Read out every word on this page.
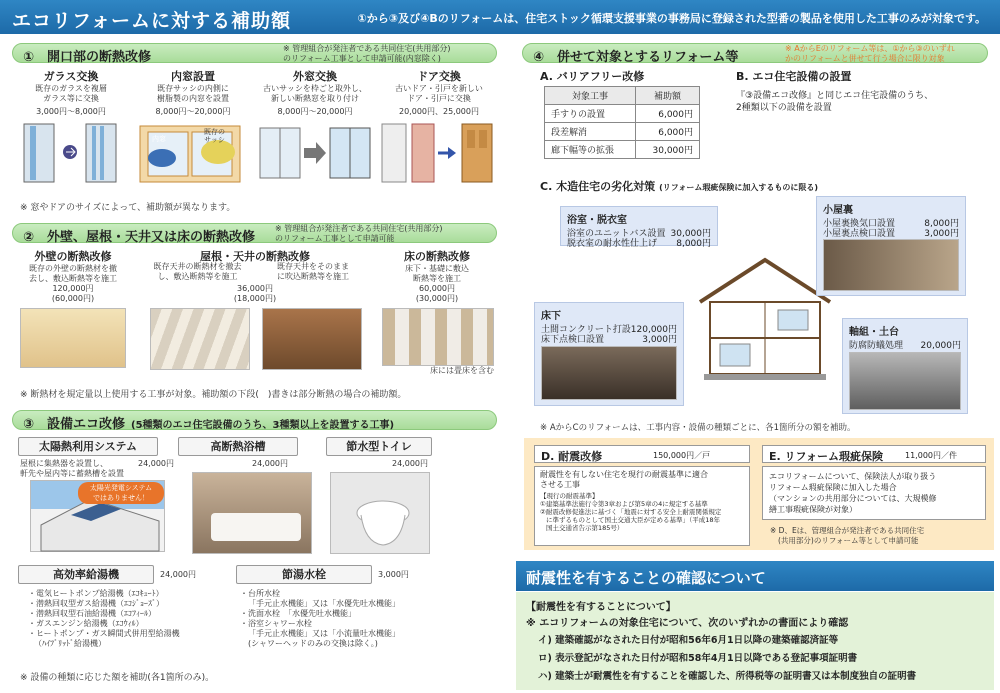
エコリフォームに対する補助額	①から③及び④Bのリフォームは、住宅ストック循環支援事業の事務局に登録された型番の製品を使用した工事のみが対象です。
①　開口部の断熱改修
※ 管理組合が発注者である共同住宅(共用部分)
のリフォーム工事として申請可能(内窓除く)
ガラス交換
既存のガラスを複層
ガラス等に交換
3,000円〜8,000円
内窓設置
既存サッシの内側に
樹脂製の内窓を設置
8,000円〜20,000円
内窓
既存の
サッシ
外窓交換
古いサッシを枠ごと取外し、
新しい断熱窓を取り付け
8,000円〜20,000円
ドア交換
古いドア・引戸を新しい
ドア・引戸に交換
20,000円、25,000円
※ 窓やドアのサイズによって、補助額が異なります。
②　外壁、屋根・天井又は床の断熱改修
※ 管理組合が発注者である共同住宅(共用部分)
のリフォーム工事として申請可能
外壁の断熱改修
既存の外壁の断熱材を撤
去し、敷込断熱等を施工
120,000円
(60,000円)
屋根・天井の断熱改修
既存天井の断熱材を撤去
し、敷込断熱等を施工
既存天井をそのまま
に吹込断熱等を施工
36,000円
(18,000円)
床の断熱改修
床下・基礎に敷込
断熱等を施工
60,000円
(30,000円)
床には畳床を含む
※ 断熱材を規定量以上使用する工事が対象。補助額の下段(　)書きは部分断熱の場合の補助額。
③　設備エコ改修 (5種類のエコ住宅設備のうち、3種類以上を設置する工事)
太陽熱利用システム
屋根に集熱器を設置し、
軒先や屋内等に蓄熱槽を設置
24,000円
太陽光発電システム
ではありません！
高断熱浴槽
24,000円
節水型トイレ
24,000円
高効率給湯機	24,000円
・電気ヒートポンプ給湯機（ｴｺｷｭｰﾄ）
・潜熱回収型ガス給湯機（ｴｺｼﾞｮｰｽﾞ）
・潜熱回収型石油給湯機（ｴｺﾌｨｰﾙ）
・ガスエンジン給湯機（ｴｺｳｨﾙ）
・ヒートポンプ・ガス瞬間式併用型給湯機
（ﾊｲﾌﾞﾘｯﾄﾞ給湯機）
節湯水栓	3,000円
・台所水栓
「手元止水機能」又は「水優先吐水機能」
・洗面水栓　「水優先吐水機能」
・浴室シャワー水栓
「手元止水機能」又は「小流量吐水機能」
(シャワーヘッドのみの交換は除く。)
※ 設備の種類に応じた額を補助(各1箇所のみ)。
④　併せて対象とするリフォーム等
※ AからEのリフォーム等は、①から③のいずれ
かのリフォームと併せて行う場合に限り対象
A. バリアフリー改修
対象工事	補助額
手すりの設置	6,000円
段差解消	6,000円
廊下幅等の拡張	30,000円
B. エコ住宅設備の設置
『③設備エコ改修』と同じエコ住宅設備のうち、
2種類以下の設備を設置
C. 木造住宅の劣化対策 (リフォーム瑕疵保険に加入するものに限る)
浴室・脱衣室
浴室のユニットバス設置 30,000円
脱衣室の耐水性仕上げ 8,000円
小屋裏
小屋裏換気口設置	8,000円
小屋裏点検口設置	3,000円
床下
土間コンクリート打設 120,000円
床下点検口設置	3,000円
軸組・土台
防腐防蟻処理 20,000円
※ AからCのリフォームは、工事内容・設備の種類ごとに、各1箇所分の額を補助。
D. 耐震改修	150,000円／戸
耐震性を有しない住宅を現行の耐震基準に適合
させる工事
【現行の耐震基準】
①建築基準法施行令第3章および第5章の4に規定する基準
②耐震改修促進法に基づく「地震に対する安全上耐震関係規定
に準ずるものとして国土交通大臣が定める基準」（平成18年
国土交通省告示第185号）
E. リフォーム瑕疵保険	11,000円／件
エコリフォームについて、保険法人が取り扱う
リフォーム瑕疵保険に加入した場合
（マンションの共用部分については、大規模修
繕工事瑕疵保険が対象）
※ D、Eは、管理組合が発注者である共同住宅
(共用部分)のリフォーム等として申請可能
耐震性を有することの確認について
【耐震性を有することについて】
※ エコリフォームの対象住宅について、次のいずれかの書面により確認
イ) 建築確認がなされた日付が昭和56年6月1日以降の建築確認済証等
ロ) 表示登記がなされた日付が昭和58年4月1日以降である登記事項証明書
ハ) 建築士が耐震性を有することを確認した、所得税等の証明書又は本制度独自の証明書
